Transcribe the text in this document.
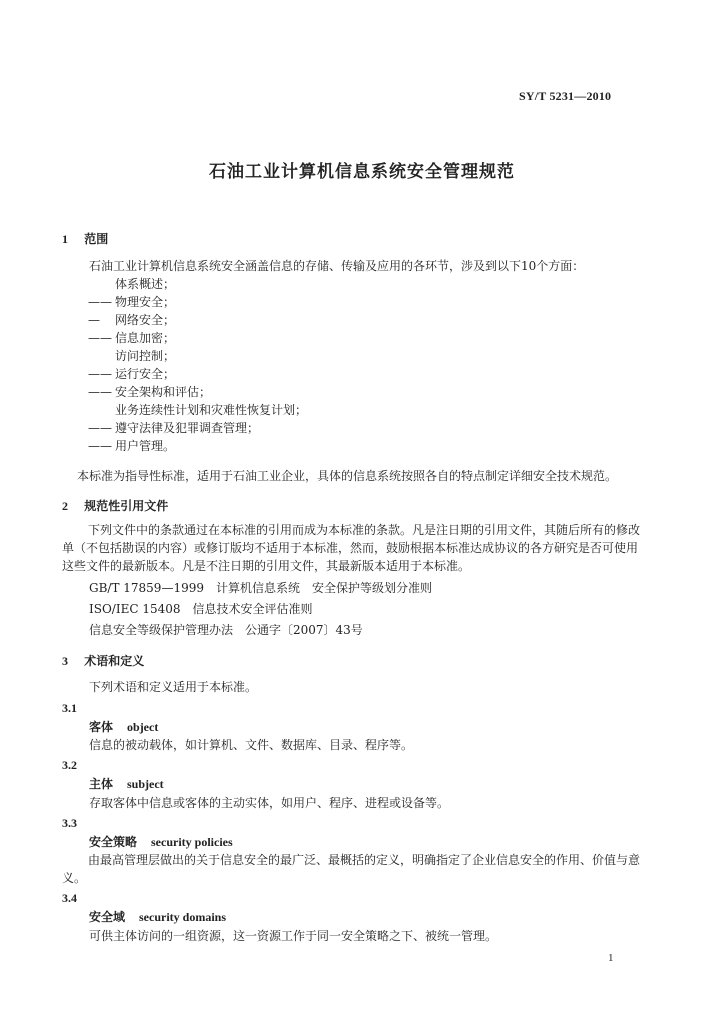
SY/T 5231—2010
石油工业计算机信息系统安全管理规范
1 范围
石油工业计算机信息系统安全涵盖信息的存储、传输及应用的各环节，涉及到以下10个方面：
体系概述；
—— 物理安全；
— 网络安全；
—— 信息加密；
访问控制；
—— 运行安全；
—— 安全架构和评估；
业务连续性计划和灾难性恢复计划；
—— 遵守法律及犯罪调查管理；
—— 用户管理。
本标准为指导性标准，适用于石油工业企业，具体的信息系统按照各自的特点制定详细安全技术规范。
2 规范性引用文件
下列文件中的条款通过在本标准的引用而成为本标准的条款。凡是注日期的引用文件，其随后所有的修改单（不包括勘误的内容）或修订版均不适用于本标准，然而，鼓励根据本标准达成协议的各方研究是否可使用这些文件的最新版本。凡是不注日期的引用文件，其最新版本适用于本标准。
GB/T 17859—1999　计算机信息系统　安全保护等级划分准则
ISO/IEC 15408　信息技术安全评估准则
信息安全等级保护管理办法　公通字〔2007〕43号
3 术语和定义
下列术语和定义适用于本标准。
3.1
客体 object
信息的被动载体，如计算机、文件、数据库、目录、程序等。
3.2
主体 subject
存取客体中信息或客体的主动实体，如用户、程序、进程或设备等。
3.3
安全策略 security policies
由最高管理层做出的关于信息安全的最广泛、最概括的定义，明确指定了企业信息安全的作用、价值与意义。
3.4
安全域 security domains
可供主体访问的一组资源，这一资源工作于同一安全策略之下、被统一管理。
1
